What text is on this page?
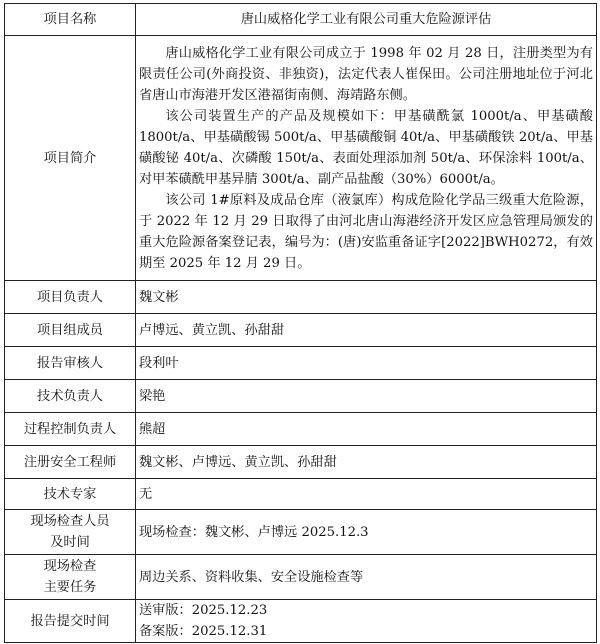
项目名称	唐山威格化学工业有限公司重大危险源评估
项目简介	唐山威格化学工业有限公司成立于 1998 年 02 月 28 日，注册类型为有限责任公司(外商投资、非独资)，法定代表人崔保田。公司注册地址位于河北省唐山市海港开发区港福街南侧、海靖路东侧。

该公司装置生产的产品及规模如下：甲基磺酰氯 1000t/a、甲基磺酸 1800t/a、甲基磺酸锡 500t/a、甲基磺酸铜 40t/a、甲基磺酸铁 20t/a、甲基磺酸铋 40t/a、次磷酸 150t/a、表面处理添加剂 50t/a、环保涂料 100t/a、对甲苯磺酰甲基异腈 300t/a、副产品盐酸（30%）6000t/a。

该公司 1#原料及成品仓库（液氯库）构成危险化学品三级重大危险源，于 2022 年 12 月 29 日取得了由河北唐山海港经济开发区应急管理局颁发的重大危险源备案登记表，编号为：(唐)安监重备证字[2022]BWH0272，有效期至 2025 年 12 月 29 日。

项目负责人	魏文彬
项目组成员	卢博远、黄立凯、孙甜甜
报告审核人	段利叶
技术负责人	梁艳
过程控制负责人	熊超
注册安全工程师	魏文彬、卢博远、黄立凯、孙甜甜
技术专家	无

现场检查人员
及时间	现场检查：魏文彬、卢博远 2025.12.3

现场检查
主要任务	周边关系、资料收集、安全设施检查等
报告提交时间	送审版：2025.12.23
备案版：2025.12.31
